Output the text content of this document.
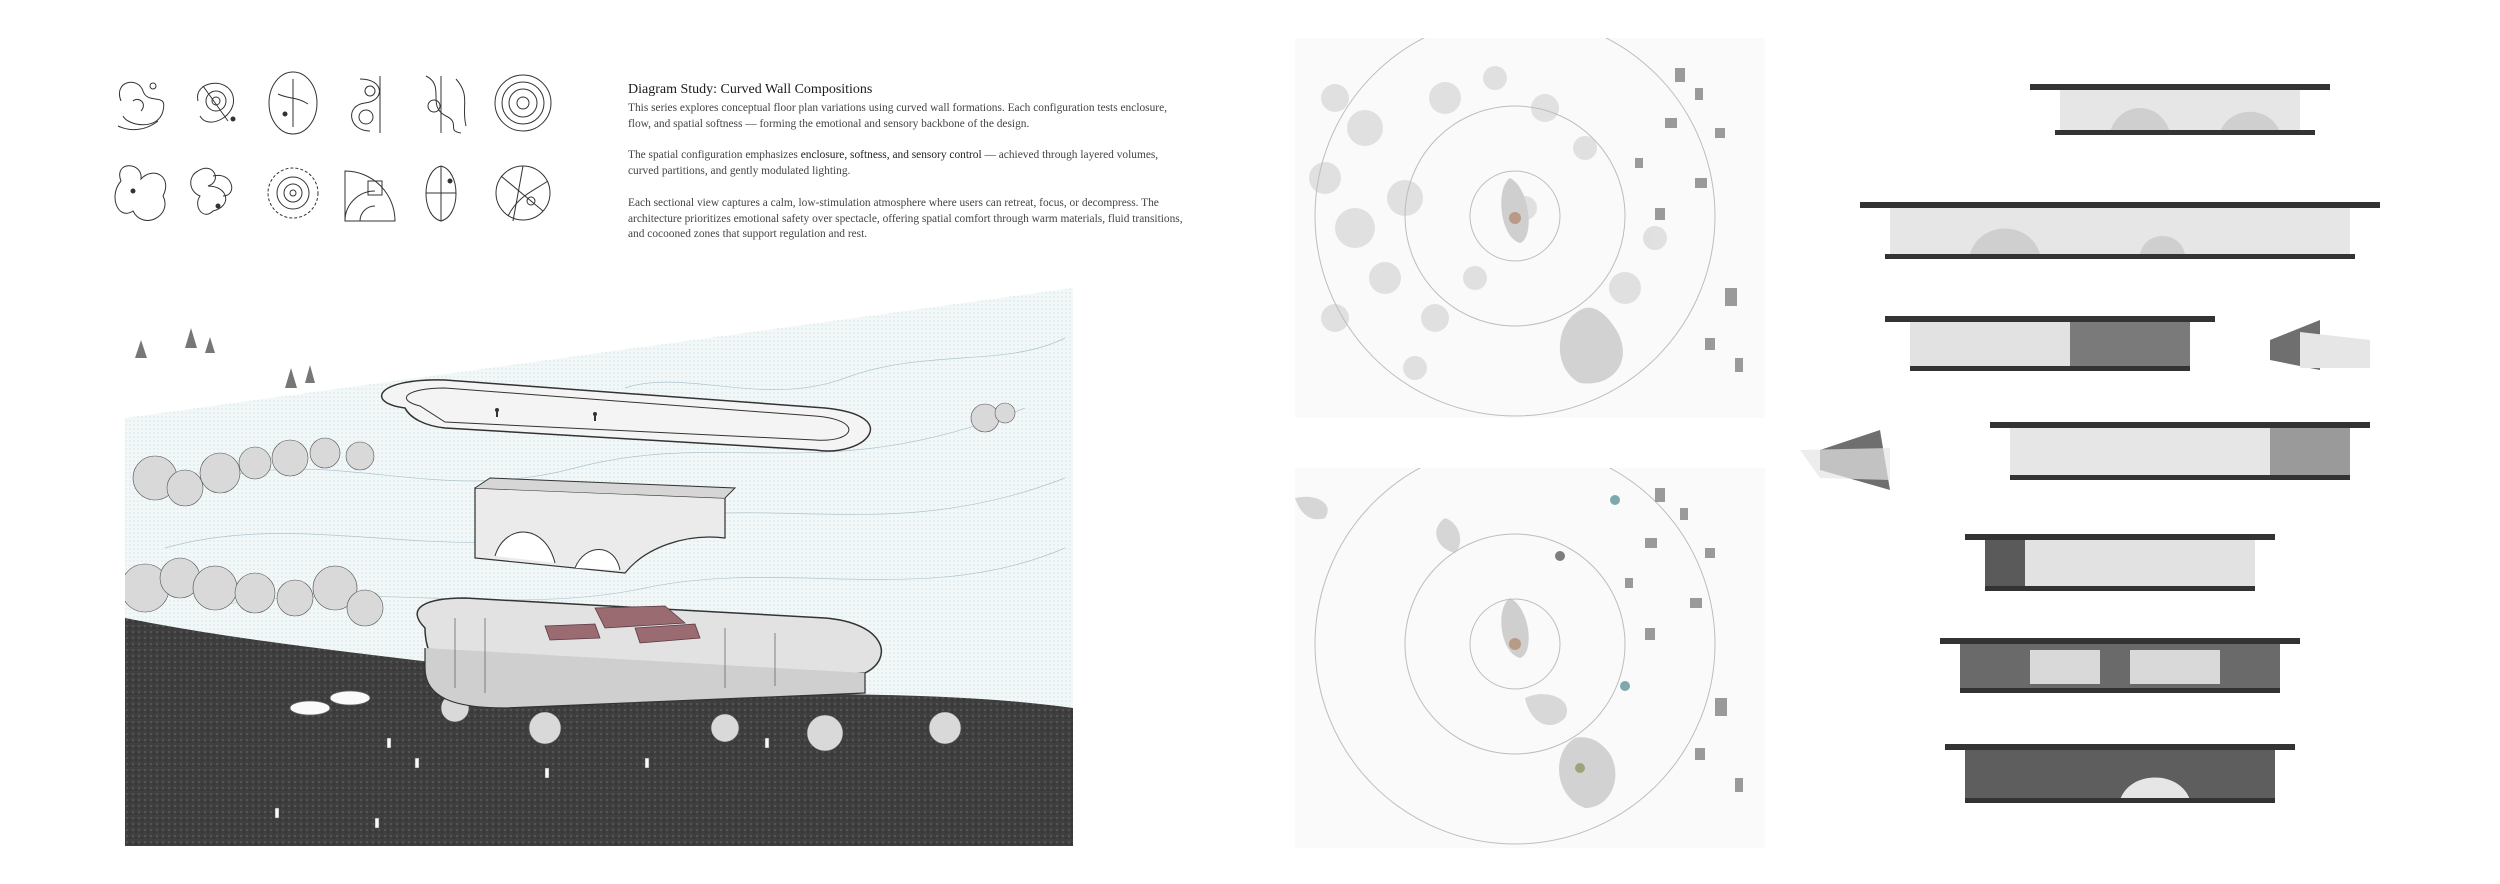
Diagram Study: Curved Wall Compositions

This series explores conceptual floor plan variations using curved wall formations. Each configuration tests enclosure, flow, and spatial softness — forming the emotional and sensory backbone of the design.

The spatial configuration emphasizes enclosure, softness, and sensory control — achieved through layered volumes, curved partitions, and gently modulated lighting.

Each sectional view captures a calm, low-stimulation atmosphere where users can retreat, focus, or decompress. The architecture prioritizes emotional safety over spectacle, offering spatial comfort through warm materials, fluid transitions, and cocooned zones that support regulation and rest.
